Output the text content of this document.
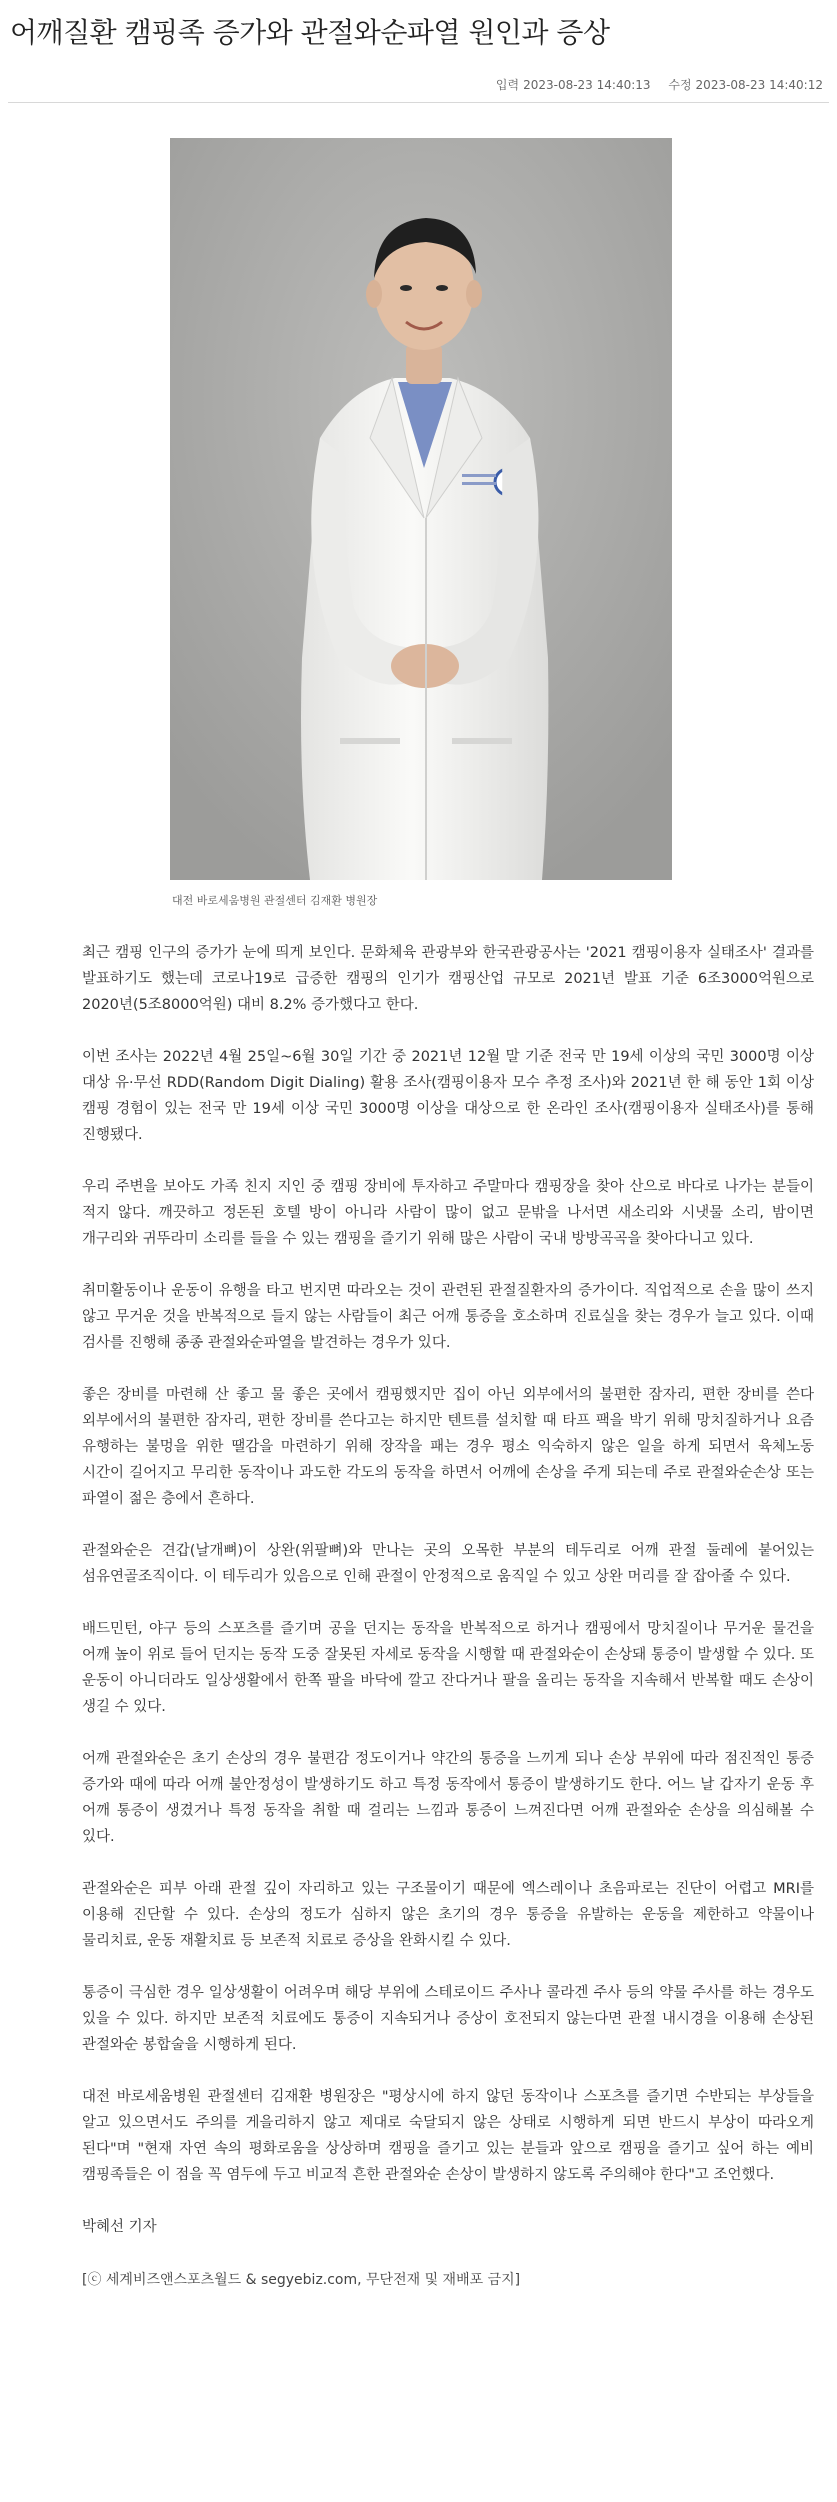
어깨질환 캠핑족 증가와 관절와순파열 원인과 증상
입력 2023-08-23 14:40:13 수정 2023-08-23 14:40:12
대전 바로세움병원 관절센터 김재환 병원장

최근 캠핑 인구의 증가가 눈에 띄게 보인다. 문화체육 관광부와 한국관광공사는 '2021 캠핑이용자 실태조사' 결과를 발표하기도 했는데 코로나19로 급증한 캠핑의 인기가 캠핑산업 규모로 2021년 발표 기준 6조3000억원으로 2020년(5조8000억원) 대비 8.2% 증가했다고 한다.

이번 조사는 2022년 4월 25일~6월 30일 기간 중 2021년 12월 말 기준 전국 만 19세 이상의 국민 3000명 이상 대상 유·무선 RDD(Random Digit Dialing) 활용 조사(캠핑이용자 모수 추정 조사)와 2021년 한 해 동안 1회 이상 캠핑 경험이 있는 전국 만 19세 이상 국민 3000명 이상을 대상으로 한 온라인 조사(캠핑이용자 실태조사)를 통해 진행됐다.

우리 주변을 보아도 가족 친지 지인 중 캠핑 장비에 투자하고 주말마다 캠핑장을 찾아 산으로 바다로 나가는 분들이 적지 않다. 깨끗하고 정돈된 호텔 방이 아니라 사람이 많이 없고 문밖을 나서면 새소리와 시냇물 소리, 밤이면 개구리와 귀뚜라미 소리를 들을 수 있는 캠핑을 즐기기 위해 많은 사람이 국내 방방곡곡을 찾아다니고 있다.

취미활동이나 운동이 유행을 타고 번지면 따라오는 것이 관련된 관절질환자의 증가이다. 직업적으로 손을 많이 쓰지 않고 무거운 것을 반복적으로 들지 않는 사람들이 최근 어깨 통증을 호소하며 진료실을 찾는 경우가 늘고 있다. 이때 검사를 진행해 종종 관절와순파열을 발견하는 경우가 있다.

좋은 장비를 마련해 산 좋고 물 좋은 곳에서 캠핑했지만 집이 아닌 외부에서의 불편한 잠자리, 편한 장비를 쓴다 외부에서의 불편한 잠자리, 편한 장비를 쓴다고는 하지만 텐트를 설치할 때 타프 팩을 박기 위해 망치질하거나 요즘 유행하는 불멍을 위한 땔감을 마련하기 위해 장작을 패는 경우 평소 익숙하지 않은 일을 하게 되면서 육체노동 시간이 길어지고 무리한 동작이나 과도한 각도의 동작을 하면서 어깨에 손상을 주게 되는데 주로 관절와순손상 또는 파열이 젊은 층에서 흔하다.

관절와순은 견갑(날개뼈)이 상완(위팔뼈)와 만나는 곳의 오목한 부분의 테두리로 어깨 관절 둘레에 붙어있는 섬유연골조직이다. 이 테두리가 있음으로 인해 관절이 안정적으로 움직일 수 있고 상완 머리를 잘 잡아줄 수 있다.

배드민턴, 야구 등의 스포츠를 즐기며 공을 던지는 동작을 반복적으로 하거나 캠핑에서 망치질이나 무거운 물건을 어깨 높이 위로 들어 던지는 동작 도중 잘못된 자세로 동작을 시행할 때 관절와순이 손상돼 통증이 발생할 수 있다. 또 운동이 아니더라도 일상생활에서 한쪽 팔을 바닥에 깔고 잔다거나 팔을 올리는 동작을 지속해서 반복할 때도 손상이 생길 수 있다.

어깨 관절와순은 초기 손상의 경우 불편감 정도이거나 약간의 통증을 느끼게 되나 손상 부위에 따라 점진적인 통증 증가와 때에 따라 어깨 불안정성이 발생하기도 하고 특정 동작에서 통증이 발생하기도 한다. 어느 날 갑자기 운동 후 어깨 통증이 생겼거나 특정 동작을 취할 때 걸리는 느낌과 통증이 느껴진다면 어깨 관절와순 손상을 의심해볼 수 있다.

관절와순은 피부 아래 관절 깊이 자리하고 있는 구조물이기 때문에 엑스레이나 초음파로는 진단이 어렵고 MRI를 이용해 진단할 수 있다. 손상의 정도가 심하지 않은 초기의 경우 통증을 유발하는 운동을 제한하고 약물이나 물리치료, 운동 재활치료 등 보존적 치료로 증상을 완화시킬 수 있다.

통증이 극심한 경우 일상생활이 어려우며 해당 부위에 스테로이드 주사나 콜라겐 주사 등의 약물 주사를 하는 경우도 있을 수 있다. 하지만 보존적 치료에도 통증이 지속되거나 증상이 호전되지 않는다면 관절 내시경을 이용해 손상된 관절와순 봉합술을 시행하게 된다.

대전 바로세움병원 관절센터 김재환 병원장은 "평상시에 하지 않던 동작이나 스포츠를 즐기면 수반되는 부상들을 알고 있으면서도 주의를 게을리하지 않고 제대로 숙달되지 않은 상태로 시행하게 되면 반드시 부상이 따라오게 된다"며 "현재 자연 속의 평화로움을 상상하며 캠핑을 즐기고 있는 분들과 앞으로 캠핑을 즐기고 싶어 하는 예비 캠핑족들은 이 점을 꼭 염두에 두고 비교적 흔한 관절와순 손상이 발생하지 않도록 주의해야 한다"고 조언했다.

박혜선 기자

[ⓒ 세계비즈앤스포츠월드 & segyebiz.com, 무단전재 및 재배포 금지]
